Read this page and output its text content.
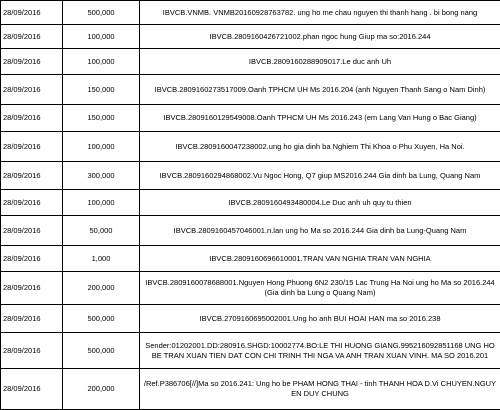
28/09/2016	500,000	IBVCB.VNMB. VNMB20160928763782. ung ho me chau nguyen thi thanh hang . bi bong nang
28/09/2016	100,000	IBVCB.2809160426721002.phan ngoc hung Giup ma so:2016.244
28/09/2016	100,000	IBVCB.2809160288909017.Le duc anh Uh
28/09/2016	150,000	IBVCB.2809160273517009.Oanh TPHCM UH Ms 2016.204 (anh Nguyen Thanh Sang o Nam Dinh)
28/09/2016	150,000	IBVCB.2809160129549008.Oanh TPHCM UH Ms 2016.243 (em Lang Van Hung o Bac Giang)
28/09/2016	100,000	IBVCB.2809160047238002.ung ho gia dinh ba Nghiem Thi Khoa o Phu Xuyen, Ha Noi.
28/09/2016	300,000	IBVCB.2809160294868002.Vu Ngoc Hong, Q7 giup MS2016.244 Gia dinh ba Lung, Quang Nam
28/09/2016	100,000	IBVCB.2809160493480004.Le Duc anh uh quy tu thien
28/09/2016	50,000	IBVCB.2809160457046001.n.lan ung ho Ma so 2016.244 Gia dinh ba Lung-Quang Nam
28/09/2016	1,000	IBVCB.2809160696610001.TRAN VAN NGHIA TRAN VAN NGHIA
28/09/2016	200,000	IBVCB.2809160078688001.Nguyen Hong Phuong 6N2 230/15 Lac Trung Ha Noi ung ho Ma so 2016.244 (Gia dinh ba Lung o Quang Nam)
28/09/2016	500,000	IBVCB.2709160695002001.Ung ho anh BUI HOAI HAN ma so 2016.238
28/09/2016	500,000	Sender:01202001.DD:280916.SHGD:10002774.BO:LE THI HUONG GIANG.995216092851168 UNG HO BE TRAN XUAN TIEN DAT CON CHI TRINH THI NGA VA ANH TRAN XUAN VINH. MA SO 2016.201
28/09/2016	200,000	/Ref.P386706[//]Ma so 2016.241: Ung ho be PHAM HONG THAI - tinh THANH HOA D.Vi CHUYEN.NGUY EN DUY CHUNG
